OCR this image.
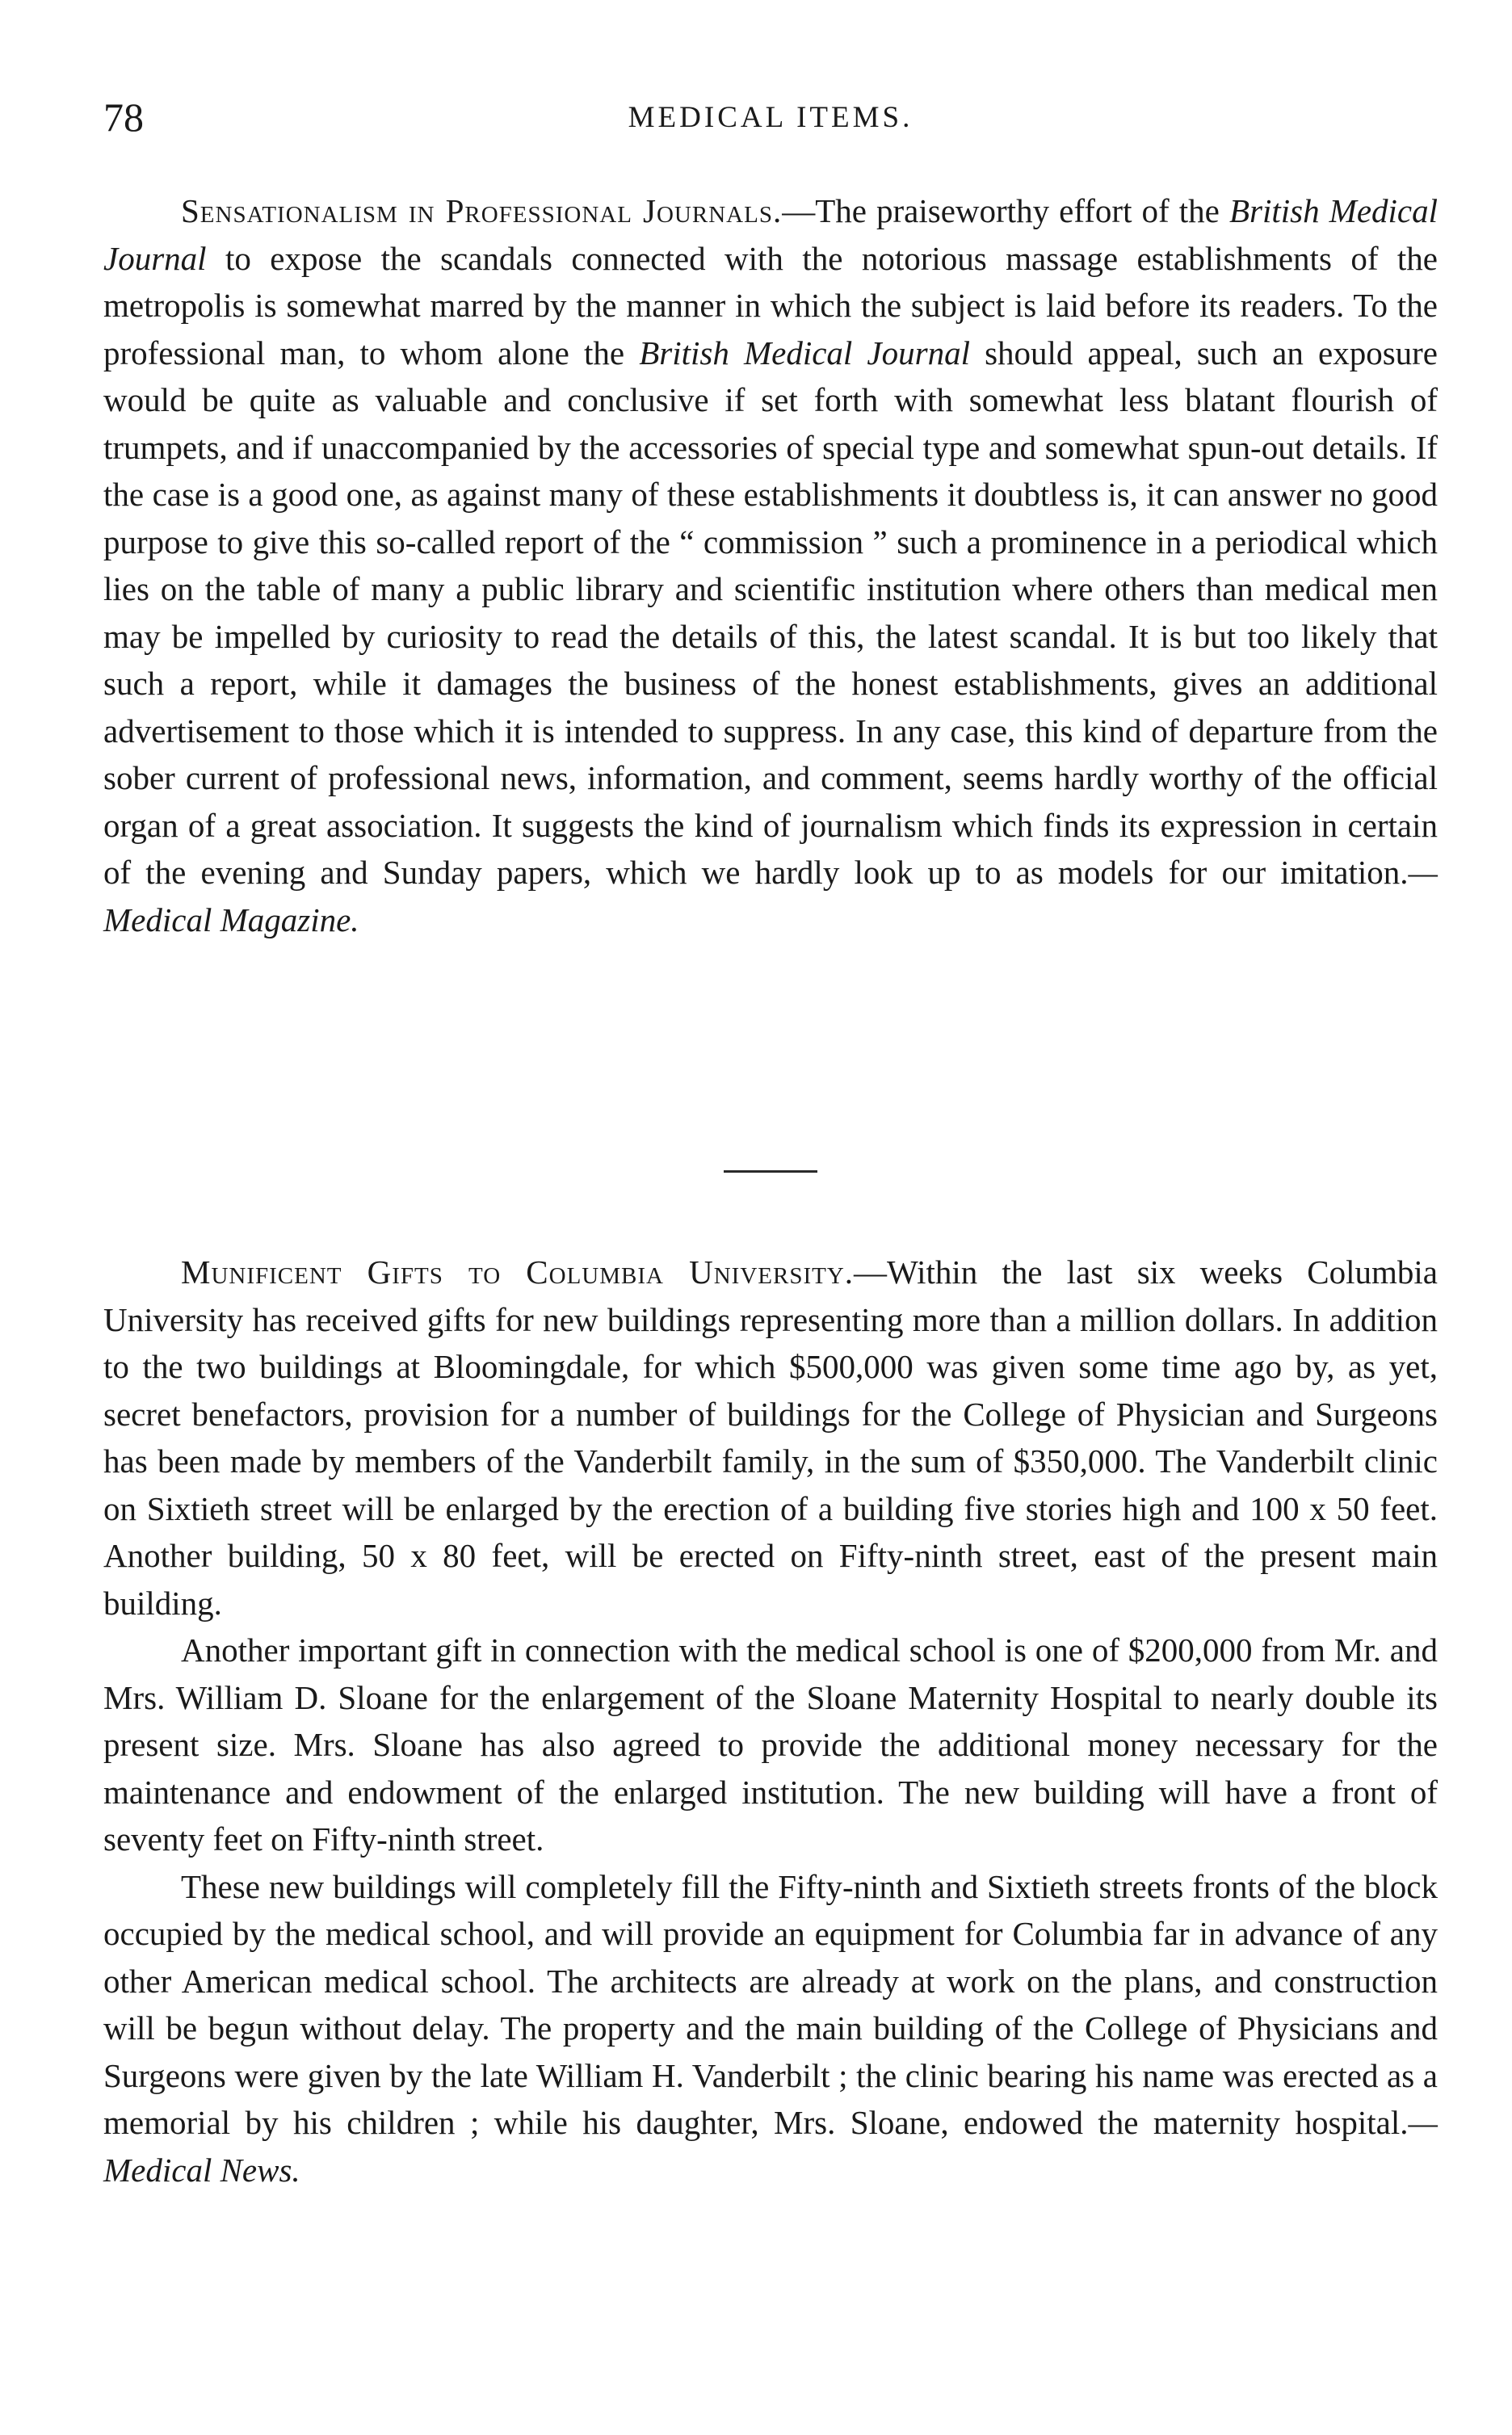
78	MEDICAL ITEMS.

Sensationalism in Professional Journals.—The praiseworthy effort of the British Medical Journal to expose the scandals connected with the notorious massage establishments of the metropolis is somewhat marred by the manner in which the subject is laid before its readers. To the professional man, to whom alone the British Medical Journal should appeal, such an exposure would be quite as valuable and conclusive if set forth with somewhat less blatant flourish of trumpets, and if unaccompanied by the accessories of special type and somewhat spun-out details. If the case is a good one, as against many of these establishments it doubtless is, it can answer no good purpose to give this so-called report of the “ commission ” such a prominence in a periodical which lies on the table of many a public library and scientific institution where others than medical men may be impelled by curiosity to read the details of this, the latest scandal. It is but too likely that such a report, while it damages the business of the honest establishments, gives an additional advertisement to those which it is intended to suppress. In any case, this kind of departure from the sober current of professional news, information, and comment, seems hardly worthy of the official organ of a great association. It suggests the kind of journalism which finds its expression in certain of the evening and Sunday papers, which we hardly look up to as models for our imitation.—Medical Magazine.

Munificent Gifts to Columbia University.—Within the last six weeks Columbia University has received gifts for new buildings representing more than a million dollars. In addition to the two buildings at Bloomingdale, for which $500,000 was given some time ago by, as yet, secret benefactors, provision for a number of buildings for the College of Physician and Surgeons has been made by members of the Vanderbilt family, in the sum of $350,000. The Vanderbilt clinic on Sixtieth street will be enlarged by the erection of a building five stories high and 100 x 50 feet. Another building, 50 x 80 feet, will be erected on Fifty-ninth street, east of the present main building.

Another important gift in connection with the medical school is one of $200,000 from Mr. and Mrs. William D. Sloane for the enlargement of the Sloane Maternity Hospital to nearly double its present size. Mrs. Sloane has also agreed to provide the additional money necessary for the maintenance and endowment of the enlarged institution. The new building will have a front of seventy feet on Fifty-ninth street.

These new buildings will completely fill the Fifty-ninth and Sixtieth streets fronts of the block occupied by the medical school, and will provide an equipment for Columbia far in advance of any other American medical school. The architects are already at work on the plans, and construction will be begun without delay. The property and the main building of the College of Physicians and Surgeons were given by the late William H. Vanderbilt ; the clinic bearing his name was erected as a memorial by his children ; while his daughter, Mrs. Sloane, endowed the maternity hospital.—Medical News.
